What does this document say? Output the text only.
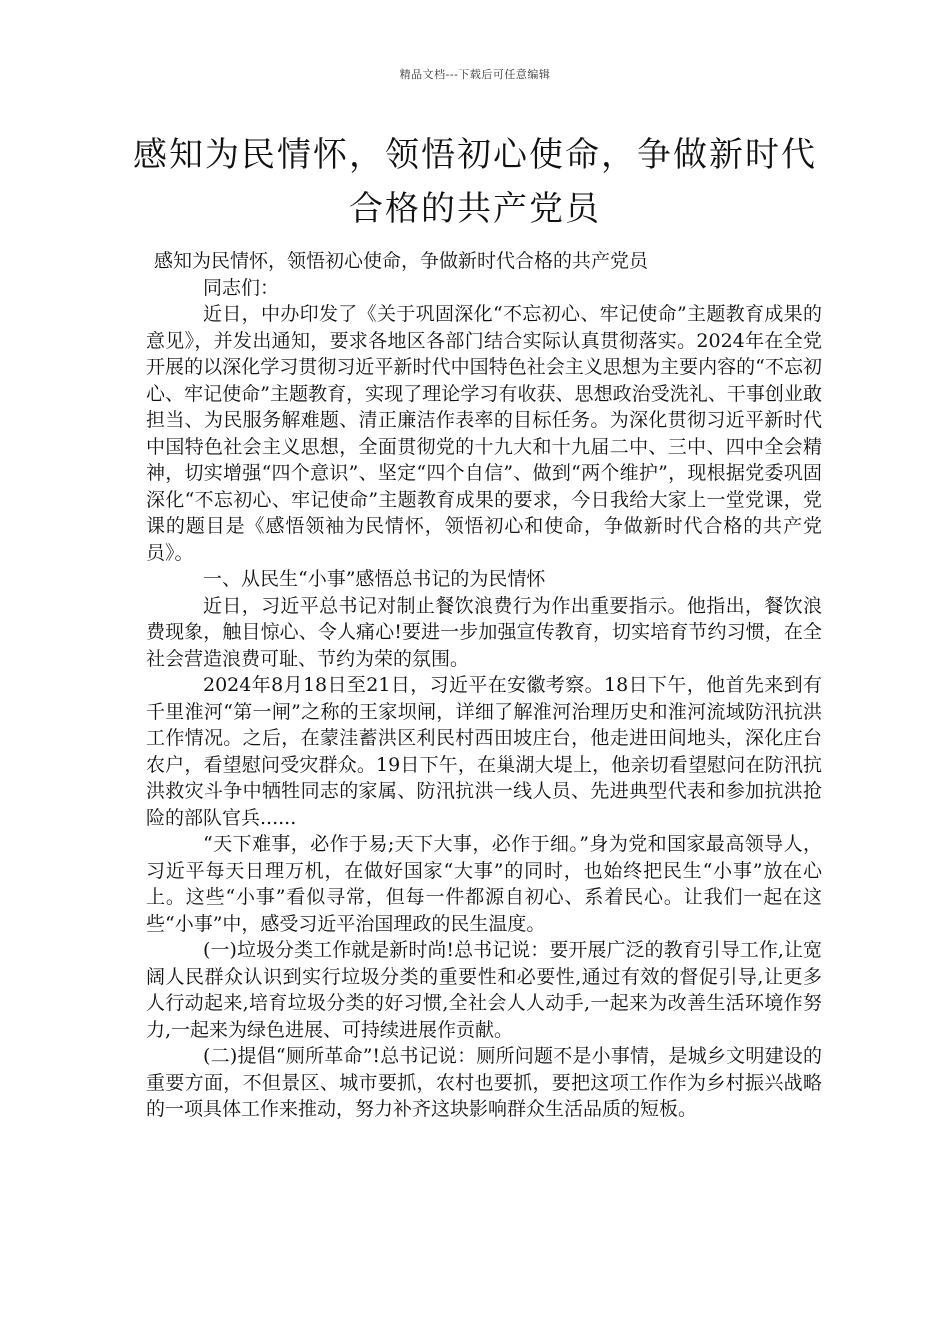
精品文档---下载后可任意编辑
感知为民情怀，领悟初心使命，争做新时代合格的共产党员

感知为民情怀，领悟初心使命，争做新时代合格的共产党员

同志们：

近日，中办印发了《关于巩固深化“不忘初心、牢记使命”主题教育成果的意见》，并发出通知，要求各地区各部门结合实际认真贯彻落实。2024年在全党开展的以深化学习贯彻习近平新时代中国特色社会主义思想为主要内容的“不忘初心、牢记使命”主题教育，实现了理论学习有收获、思想政治受洗礼、干事创业敢担当、为民服务解难题、清正廉洁作表率的目标任务。为深化贯彻习近平新时代中国特色社会主义思想，全面贯彻党的十九大和十九届二中、三中、四中全会精神，切实增强“四个意识”、坚定“四个自信”、做到“两个维护”，现根据党委巩固深化“不忘初心、牢记使命”主题教育成果的要求，今日我给大家上一堂党课，党课的题目是《感悟领袖为民情怀，领悟初心和使命，争做新时代合格的共产党员》。

一、从民生“小事”感悟总书记的为民情怀

近日，习近平总书记对制止餐饮浪费行为作出重要指示。他指出，餐饮浪费现象，触目惊心、令人痛心!要进一步加强宣传教育，切实培育节约习惯，在全社会营造浪费可耻、节约为荣的氛围。

2024年8月18日至21日，习近平在安徽考察。18日下午，他首先来到有千里淮河“第一闸”之称的王家坝闸，详细了解淮河治理历史和淮河流域防汛抗洪工作情况。之后，在蒙洼蓄洪区利民村西田坡庄台，他走进田间地头，深化庄台农户，看望慰问受灾群众。19日下午，在巢湖大堤上，他亲切看望慰问在防汛抗洪救灾斗争中牺牲同志的家属、防汛抗洪一线人员、先进典型代表和参加抗洪抢险的部队官兵......

“天下难事，必作于易;天下大事，必作于细。”身为党和国家最高领导人，习近平每天日理万机，在做好国家“大事”的同时，也始终把民生“小事”放在心上。这些“小事”看似寻常，但每一件都源自初心、系着民心。让我们一起在这些“小事”中，感受习近平治国理政的民生温度。

(一)垃圾分类工作就是新时尚!总书记说：要开展广泛的教育引导工作,让宽阔人民群众认识到实行垃圾分类的重要性和必要性,通过有效的督促引导,让更多人行动起来,培育垃圾分类的好习惯,全社会人人动手,一起来为改善生活环境作努力,一起来为绿色进展、可持续进展作贡献。

(二)提倡“厕所革命”!总书记说：厕所问题不是小事情，是城乡文明建设的重要方面，不但景区、城市要抓，农村也要抓，要把这项工作作为乡村振兴战略的一项具体工作来推动，努力补齐这块影响群众生活品质的短板。
